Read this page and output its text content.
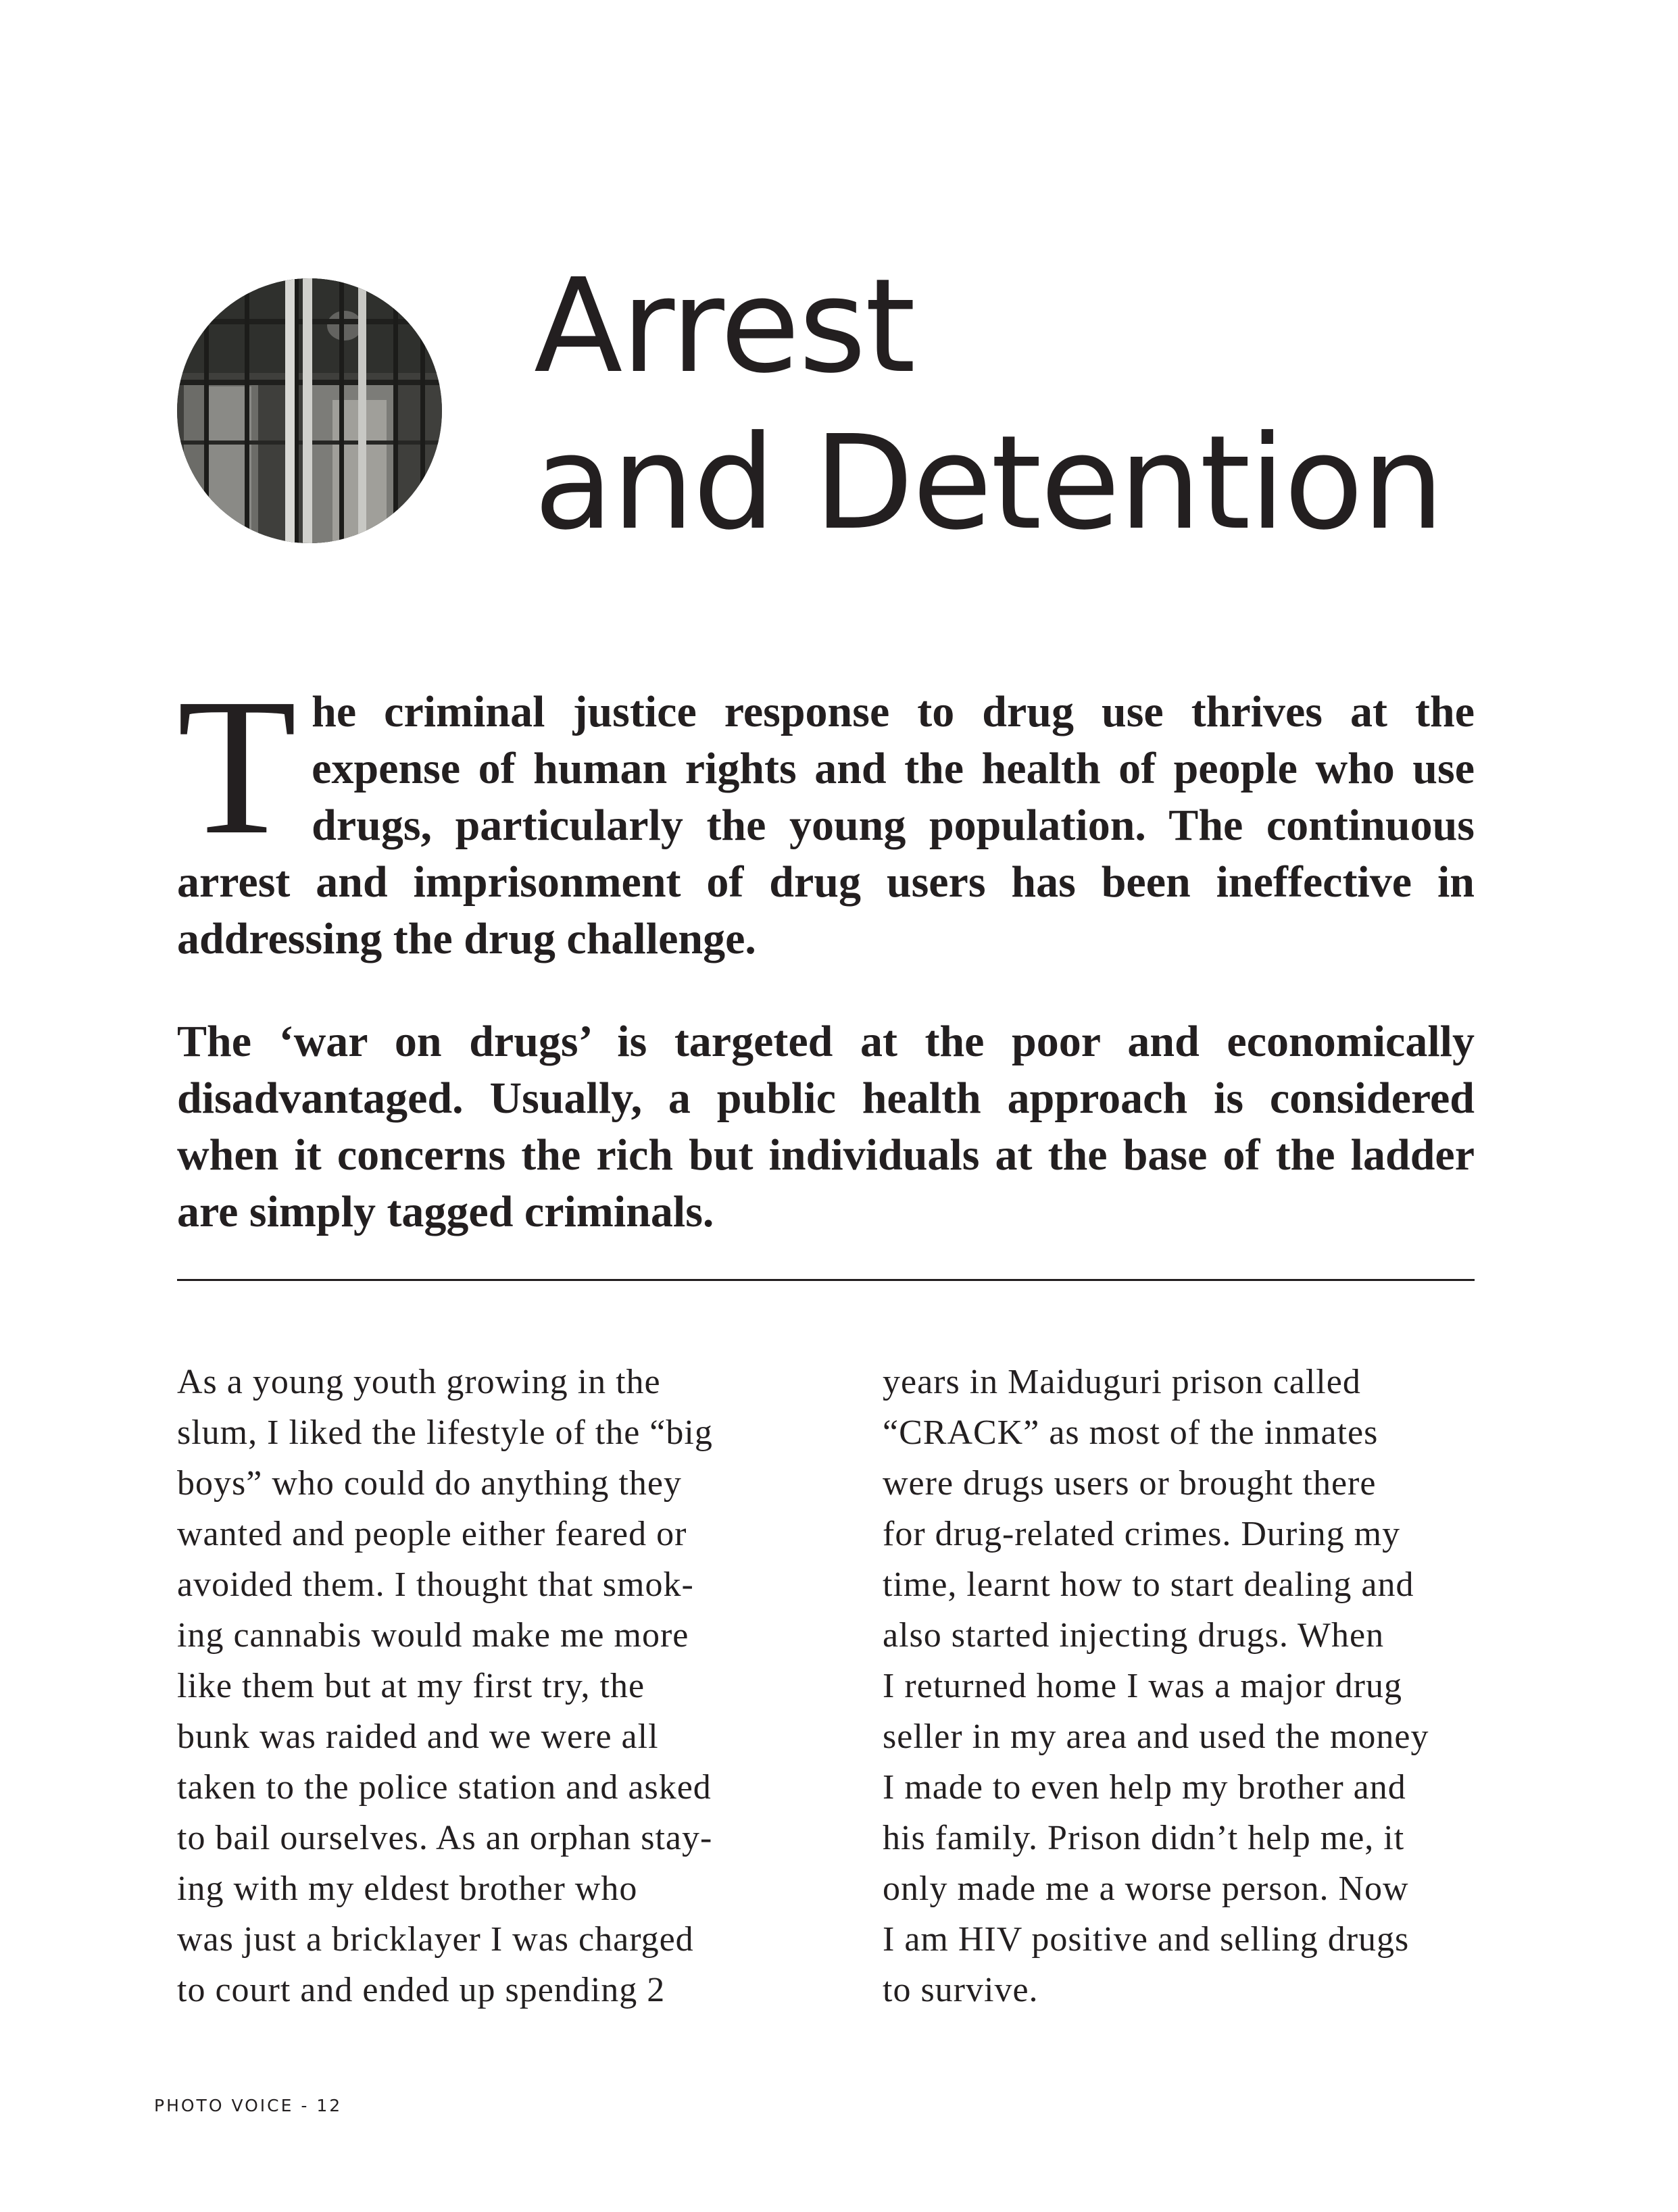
Arrest
and Detention

The criminal justice response to drug use thrives at the expense of human rights and the health of people who use drugs, particularly the young population. The continuous arrest and imprisonment of drug users has been ineffective in addressing the drug challenge.

The ‘war on drugs’ is targeted at the poor and economically disadvantaged. Usually, a public health approach is considered when it concerns the rich but individuals at the base of the ladder are simply tagged criminals.

As a young youth growing in the
slum, I liked the lifestyle of the “big
boys” who could do anything they
wanted and people either feared or
avoided them. I thought that smok-
ing cannabis would make me more
like them but at my first try, the
bunk was raided and we were all
taken to the police station and asked
to bail ourselves. As an orphan stay-
ing with my eldest brother who
was just a bricklayer I was charged
to court and ended up spending 2
years in Maiduguri prison called
“CRACK” as most of the inmates
were drugs users or brought there
for drug-related crimes. During my
time, learnt how to start dealing and
also started injecting drugs. When
I returned home I was a major drug
seller in my area and used the money
I made to even help my brother and
his family. Prison didn’t help me, it
only made me a worse person. Now
I am HIV positive and selling drugs
to survive.
PHOTO VOICE - 12
